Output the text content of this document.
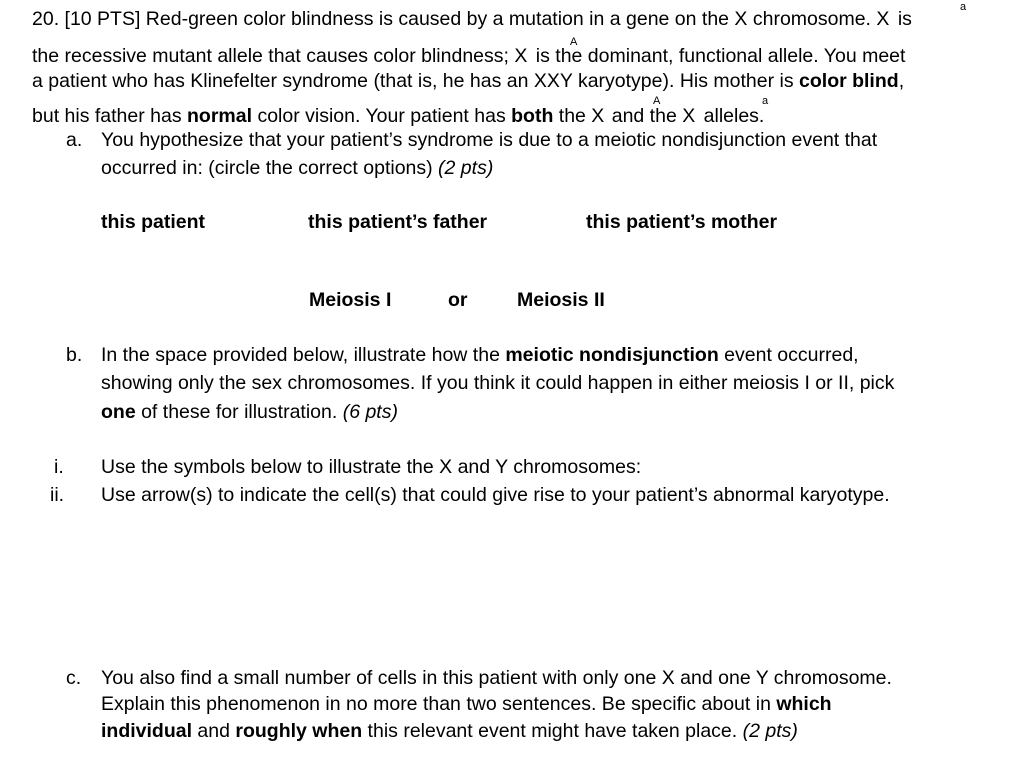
20. [10 PTS] Red-green color blindness is caused by a mutation in a gene on the X chromosome. X is
a
the recessive mutant allele that causes color blindness; X is the dominant, functional allele. You meet
A
a patient who has Klinefelter syndrome (that is, he has an XXY karyotype). His mother is color blind,
but his father has normal color vision. Your patient has both the X and the X alleles.
A	a
a. You hypothesize that your patient’s syndrome is due to a meiotic nondisjunction event that
occurred in: (circle the correct options) (2 pts)
this patient	this patient’s father	this patient’s mother
Meiosis I	or	Meiosis II
b. In the space provided below, illustrate how the meiotic nondisjunction event occurred,
showing only the sex chromosomes. If you think it could happen in either meiosis I or II, pick
one of these for illustration. (6 pts)
i. Use the symbols below to illustrate the X and Y chromosomes:
ii. Use arrow(s) to indicate the cell(s) that could give rise to your patient’s abnormal karyotype.
c. You also find a small number of cells in this patient with only one X and one Y chromosome.
Explain this phenomenon in no more than two sentences. Be specific about in which
individual and roughly when this relevant event might have taken place. (2 pts)
